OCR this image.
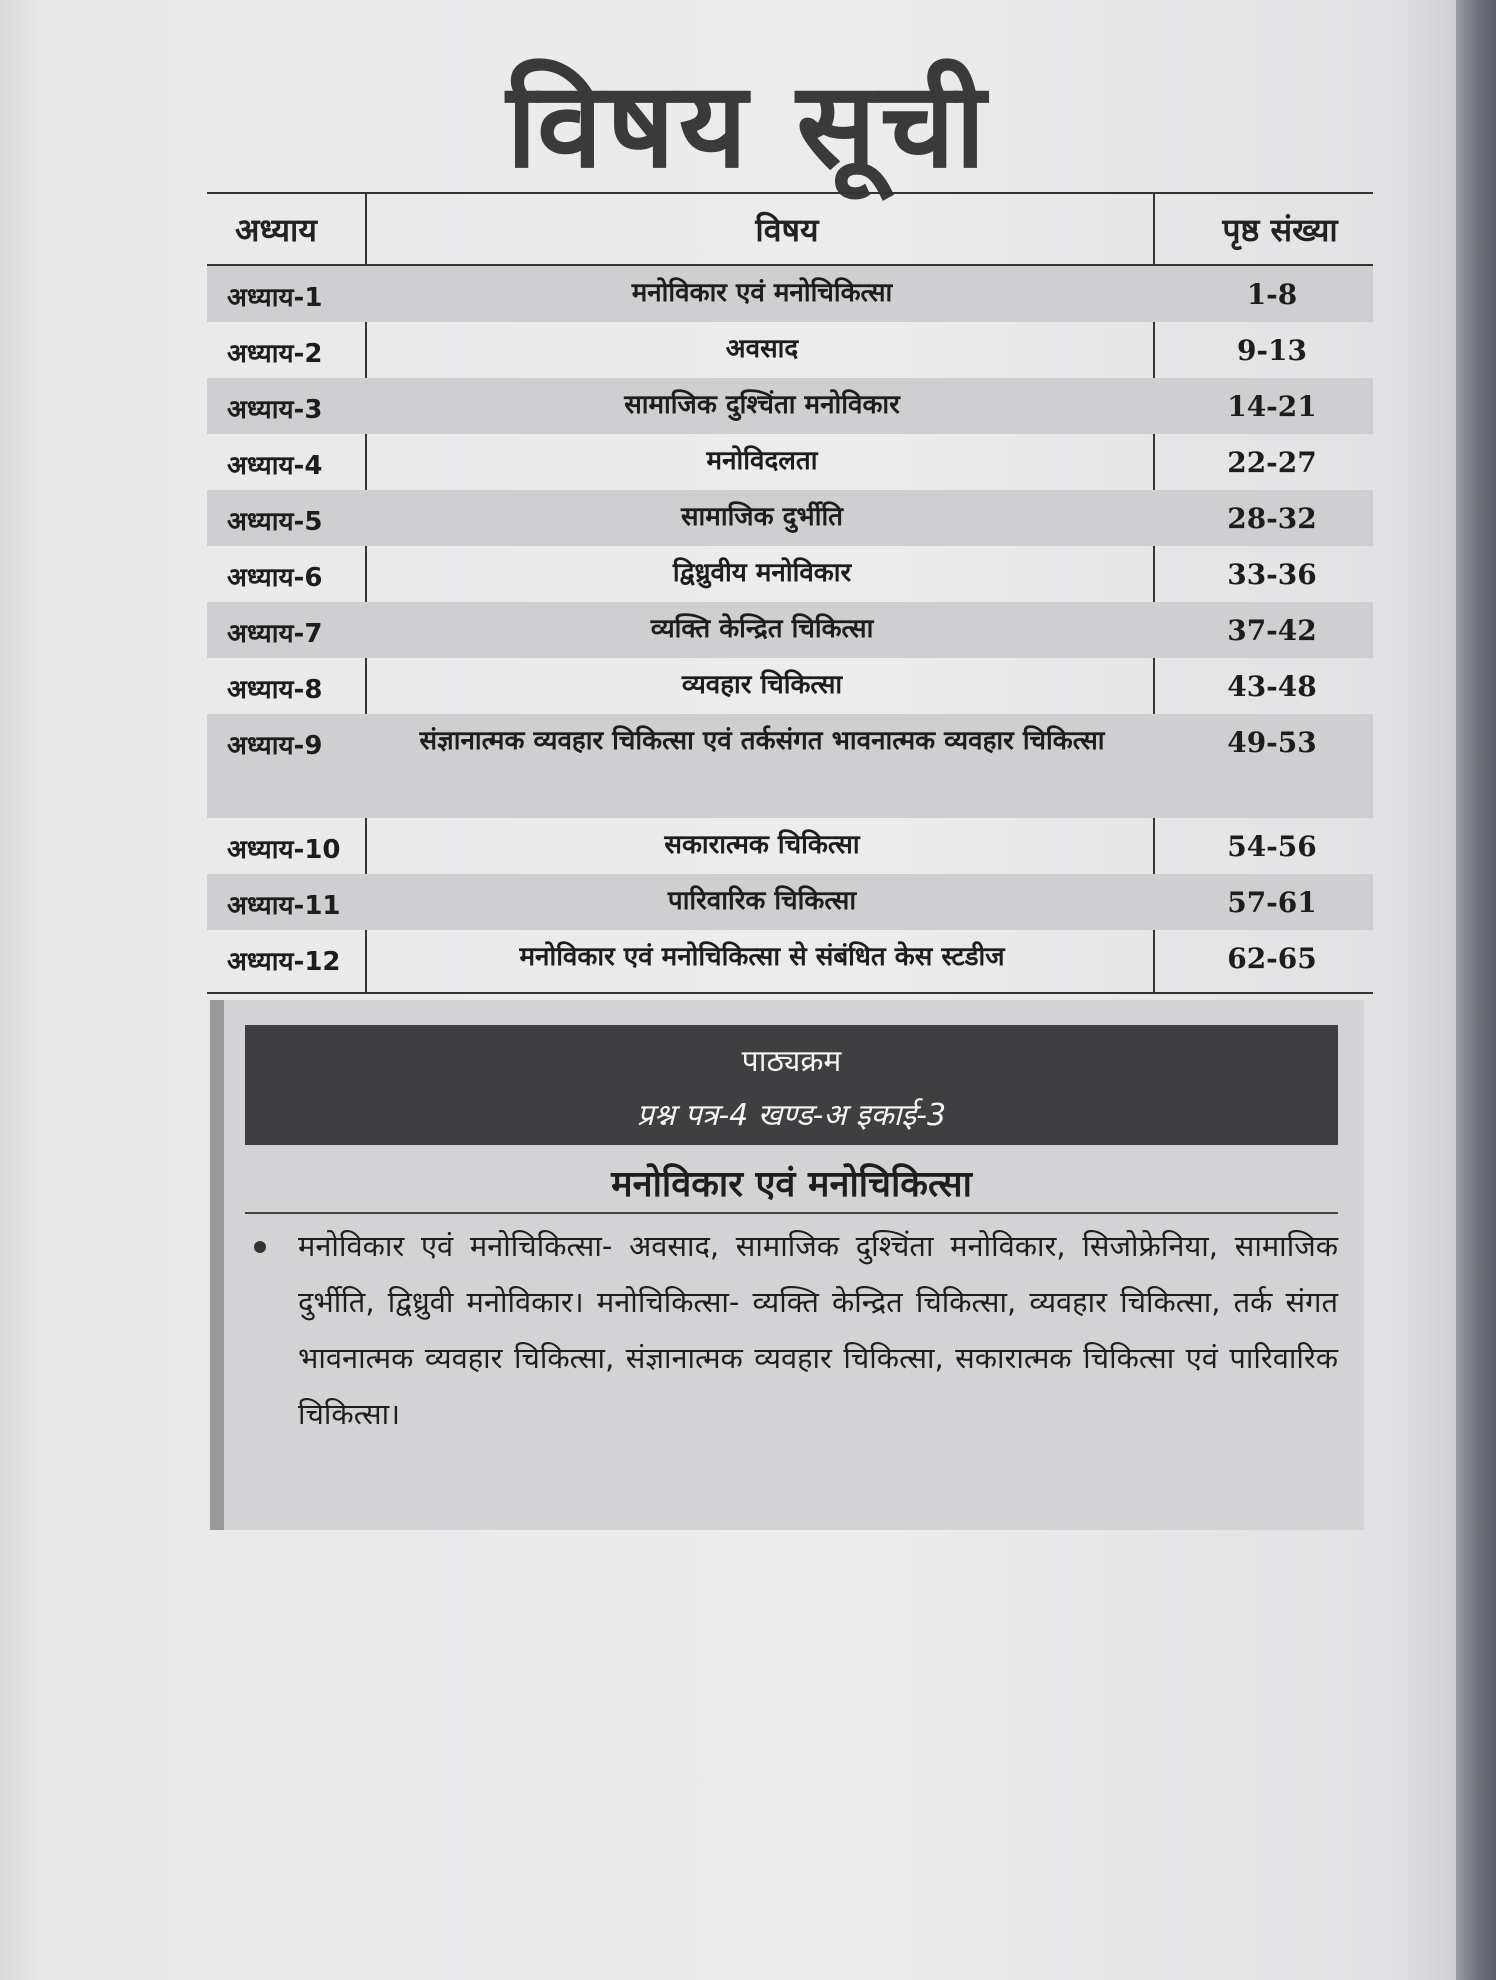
विषय सूची
अध्याय	विषय	पृष्ठ संख्या
अध्याय-1	मनोविकार एवं मनोचिकित्सा	1-8
अध्याय-2	अवसाद	9-13
अध्याय-3	सामाजिक दुश्चिंता मनोविकार	14-21
अध्याय-4	मनोविदलता	22-27
अध्याय-5	सामाजिक दुर्भीति	28-32
अध्याय-6	द्विध्रुवीय मनोविकार	33-36
अध्याय-7	व्यक्ति केन्द्रित चिकित्सा	37-42
अध्याय-8	व्यवहार चिकित्सा	43-48
अध्याय-9	संज्ञानात्मक व्यवहार चिकित्सा एवं तर्कसंगत भावनात्मक व्यवहार चिकित्सा	49-53
अध्याय-10	सकारात्मक चिकित्सा	54-56
अध्याय-11	पारिवारिक चिकित्सा	57-61
अध्याय-12	मनोविकार एवं मनोचिकित्सा से संबंधित केस स्टडीज	62-65
पाठ्यक्रम
प्रश्न पत्र-4 खण्ड-अ इकाई-3
मनोविकार एवं मनोचिकित्सा
मनोविकार एवं मनोचिकित्सा- अवसाद, सामाजिक दुश्चिंता मनोविकार, सिजोफ्रेनिया, सामाजिक दुर्भीति, द्विध्रुवी मनोविकार। मनोचिकित्सा- व्यक्ति केन्द्रित चिकित्सा, व्यवहार चिकित्सा, तर्क संगत भावनात्मक व्यवहार चिकित्सा, संज्ञानात्मक व्यवहार चिकित्सा, सकारात्मक चिकित्सा एवं पारिवारिक चिकित्सा।
